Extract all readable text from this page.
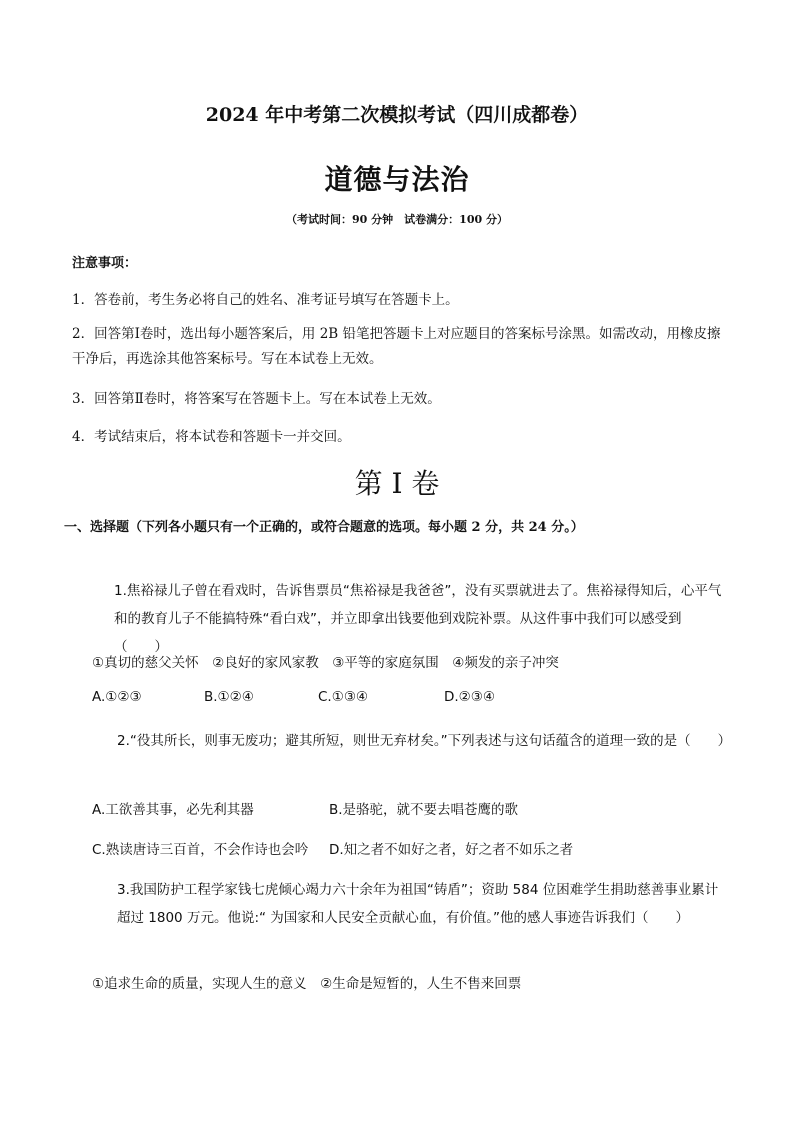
2024 年中考第二次模拟考试（四川成都卷）
道德与法治
（考试时间：90 分钟　试卷满分：100 分）
注意事项：
1．答卷前，考生务必将自己的姓名、准考证号填写在答题卡上。
2．回答第Ⅰ卷时，选出每小题答案后，用 2B 铅笔把答题卡上对应题目的答案标号涂黑。如需改动，用橡皮擦干净后，再选涂其他答案标号。写在本试卷上无效。
3．回答第Ⅱ卷时，将答案写在答题卡上。写在本试卷上无效。
4．考试结束后，将本试卷和答题卡一并交回。
第 I 卷
一、选择题（下列各小题只有一个正确的，或符合题意的选项。每小题 2 分，共 24 分。）
1.焦裕禄儿子曾在看戏时，告诉售票员“焦裕禄是我爸爸”，没有买票就进去了。焦裕禄得知后，心平气和的教育儿子不能搞特殊“看白戏”，并立即拿出钱要他到戏院补票。从这件事中我们可以感受到（　　）
①真切的慈父关怀　②良好的家风家教　③平等的家庭氛围　④频发的亲子冲突
A.①②③	B.①②④	C.①③④	D.②③④
2.“役其所长，则事无废功；避其所短，则世无弃材矣。”下列表述与这句话蕴含的道理一致的是（　　）
A.工欲善其事，必先利其器	B.是骆驼，就不要去唱苍鹰的歌
C.熟读唐诗三百首，不会作诗也会吟 D.知之者不如好之者，好之者不如乐之者
3.我国防护工程学家钱七虎倾心竭力六十余年为祖国“铸盾”；资助 584 位困难学生捐助慈善事业累计超过 1800 万元。他说:“ 为国家和人民安全贡献心血，有价值。”他的感人事迹告诉我们（　　）
①追求生命的质量，实现人生的意义　②生命是短暂的，人生不售来回票
